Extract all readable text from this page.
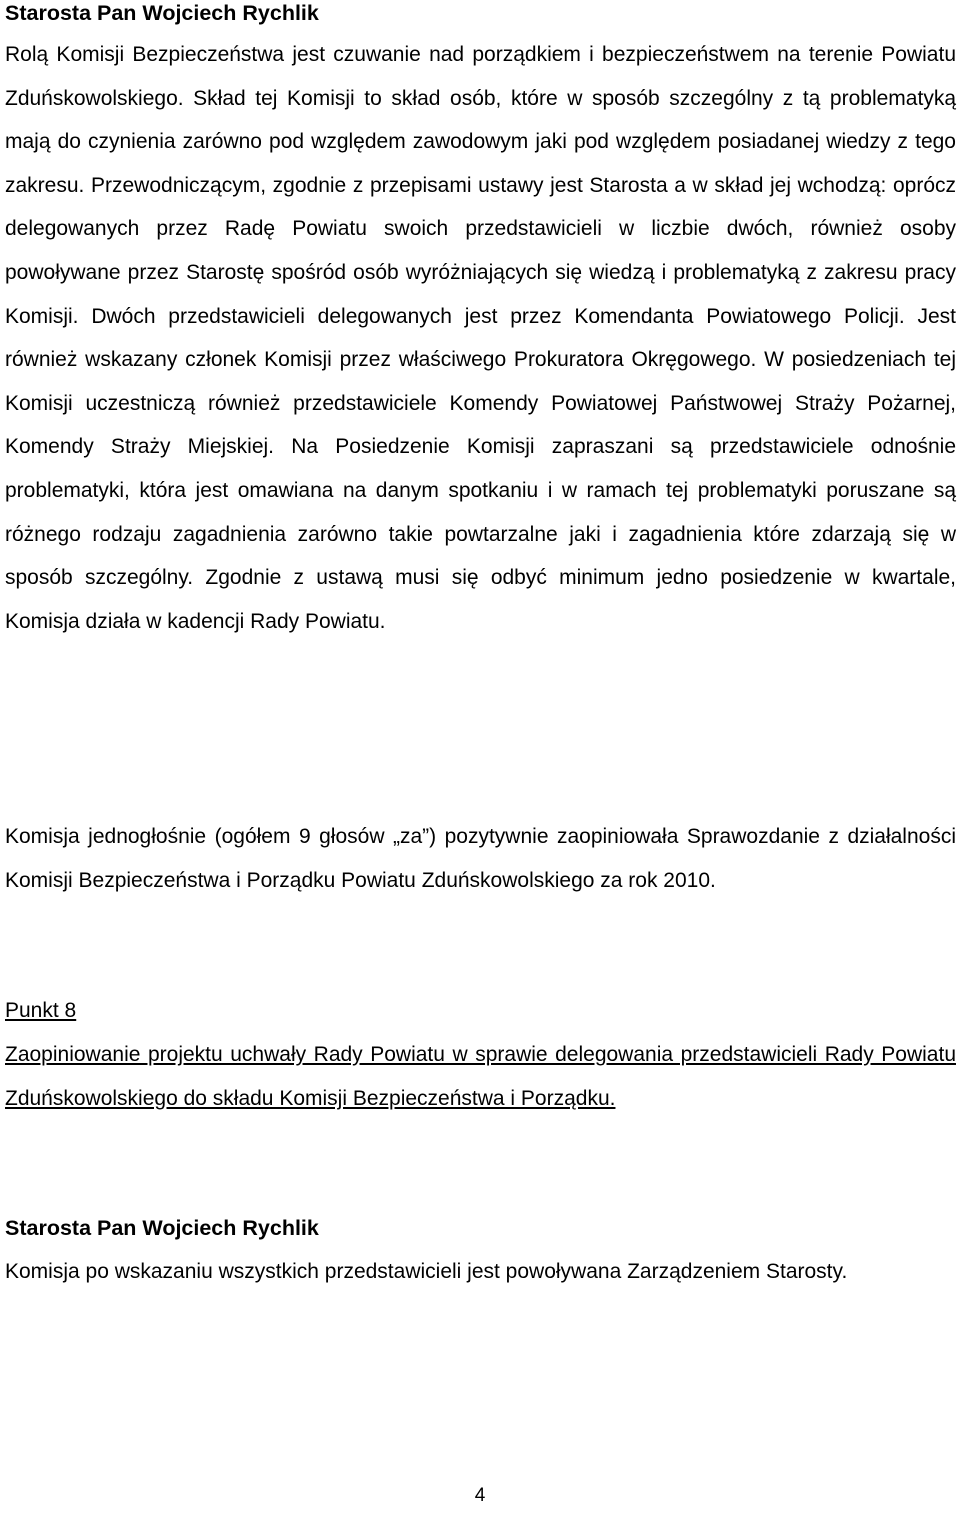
Starosta Pan Wojciech Rychlik

Rolą Komisji Bezpieczeństwa jest czuwanie nad porządkiem i bezpieczeństwem na terenie Powiatu Zduńskowolskiego. Skład tej Komisji to skład osób, które w sposób szczególny z tą problematyką mają do czynienia zarówno pod względem zawodowym jaki pod względem posiadanej wiedzy z tego zakresu. Przewodniczącym, zgodnie z przepisami ustawy jest Starosta a w skład jej wchodzą: oprócz delegowanych przez Radę Powiatu swoich przedstawicieli w liczbie dwóch, również osoby powoływane przez Starostę spośród osób wyróżniających się wiedzą i problematyką z zakresu pracy Komisji. Dwóch przedstawicieli delegowanych jest przez Komendanta Powiatowego Policji. Jest również wskazany członek Komisji przez właściwego Prokuratora Okręgowego. W posiedzeniach tej Komisji uczestniczą również przedstawiciele Komendy Powiatowej Państwowej Straży Pożarnej, Komendy Straży Miejskiej. Na Posiedzenie Komisji zapraszani są przedstawiciele odnośnie problematyki, która jest omawiana na danym spotkaniu i w ramach tej problematyki poruszane są różnego rodzaju zagadnienia zarówno takie powtarzalne jaki i zagadnienia które zdarzają się w sposób szczególny. Zgodnie z ustawą musi się odbyć minimum jedno posiedzenie w kwartale, Komisja działa w kadencji Rady Powiatu.

Komisja jednogłośnie (ogółem 9 głosów „za”) pozytywnie zaopiniowała Sprawozdanie z działalności Komisji Bezpieczeństwa i Porządku Powiatu Zduńskowolskiego za rok 2010.

Punkt 8

Zaopiniowanie projektu uchwały Rady Powiatu w sprawie delegowania przedstawicieli Rady Powiatu Zduńskowolskiego do składu Komisji Bezpieczeństwa i Porządku.

Starosta Pan Wojciech Rychlik

Komisja po wskazaniu wszystkich przedstawicieli jest powoływana Zarządzeniem Starosty.

4
